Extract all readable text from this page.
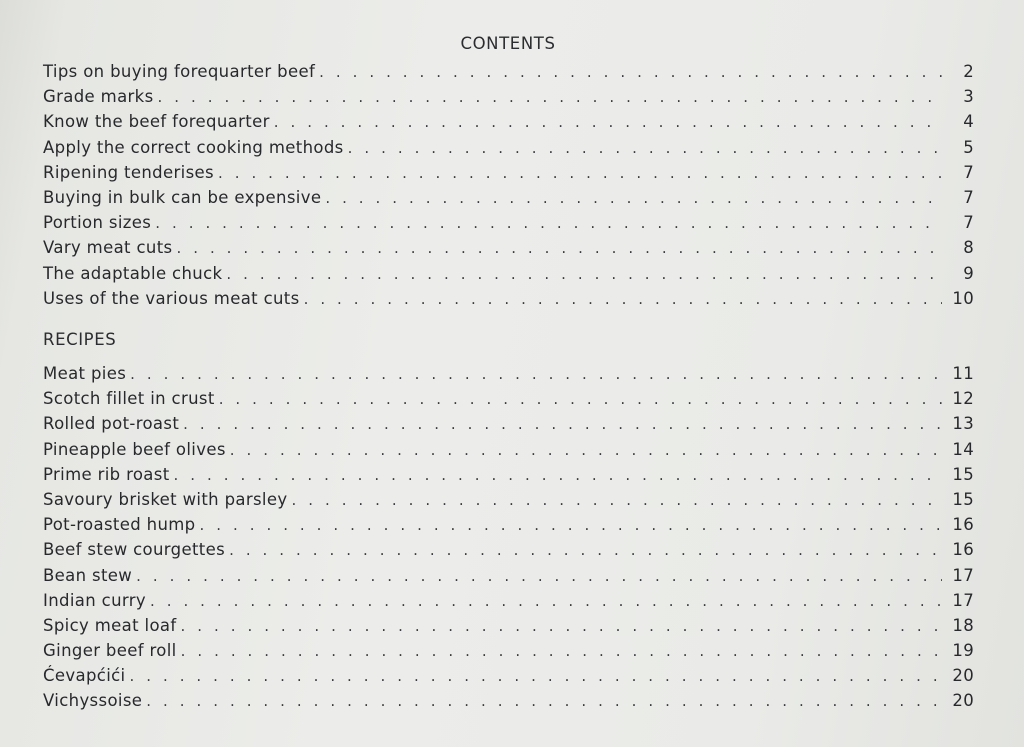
CONTENTS
Tips on buying forequarter beef . . .	2
Grade marks . . .	3
Know the beef forequarter . . .	4
Apply the correct cooking methods . . .	5
Ripening tenderises . . .	7
Buying in bulk can be expensive . . .	7
Portion sizes . . .	7
Vary meat cuts . . .	8
The adaptable chuck . . .	9
Uses of the various meat cuts . . .	10
RECIPES
Meat pies . . .	11
Scotch fillet in crust . . .	12
Rolled pot-roast . . .	13
Pineapple beef olives . . .	14
Prime rib roast . . .	15
Savoury brisket with parsley . . .	15
Pot-roasted hump . . .	16
Beef stew courgettes . . .	16
Bean stew . . .	17
Indian curry . . .	17
Spicy meat loaf . . .	18
Ginger beef roll . . .	19
Ćevapćići . . .	20
Vichyssoise . . .	20
